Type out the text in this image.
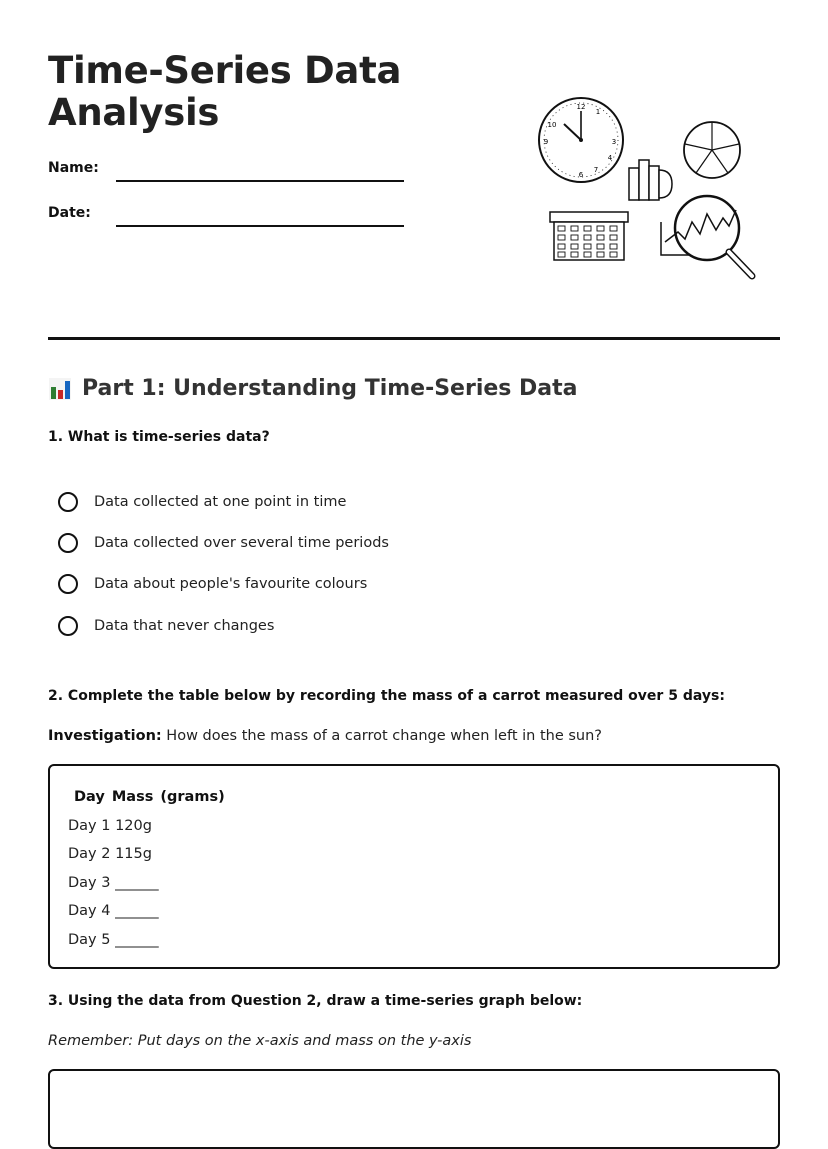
Time-Series Data
Analysis
Name:
Date:
12
3
6
9
10
1
4
7
Part 1: Understanding Time-Series Data
1. What is time-series data?
Data collected at one point in time
Data collected over several time periods
Data about people's favourite colours
Data that never changes
2. Complete the table below by recording the mass of a carrot measured over 5 days:
Investigation: How does the mass of a carrot change when left in the sun?
Day Mass (grams)
Day 1 120g
Day 2 115g
Day 3 ______
Day 4 ______
Day 5 ______
3. Using the data from Question 2, draw a time-series graph below:
Remember: Put days on the x-axis and mass on the y-axis
